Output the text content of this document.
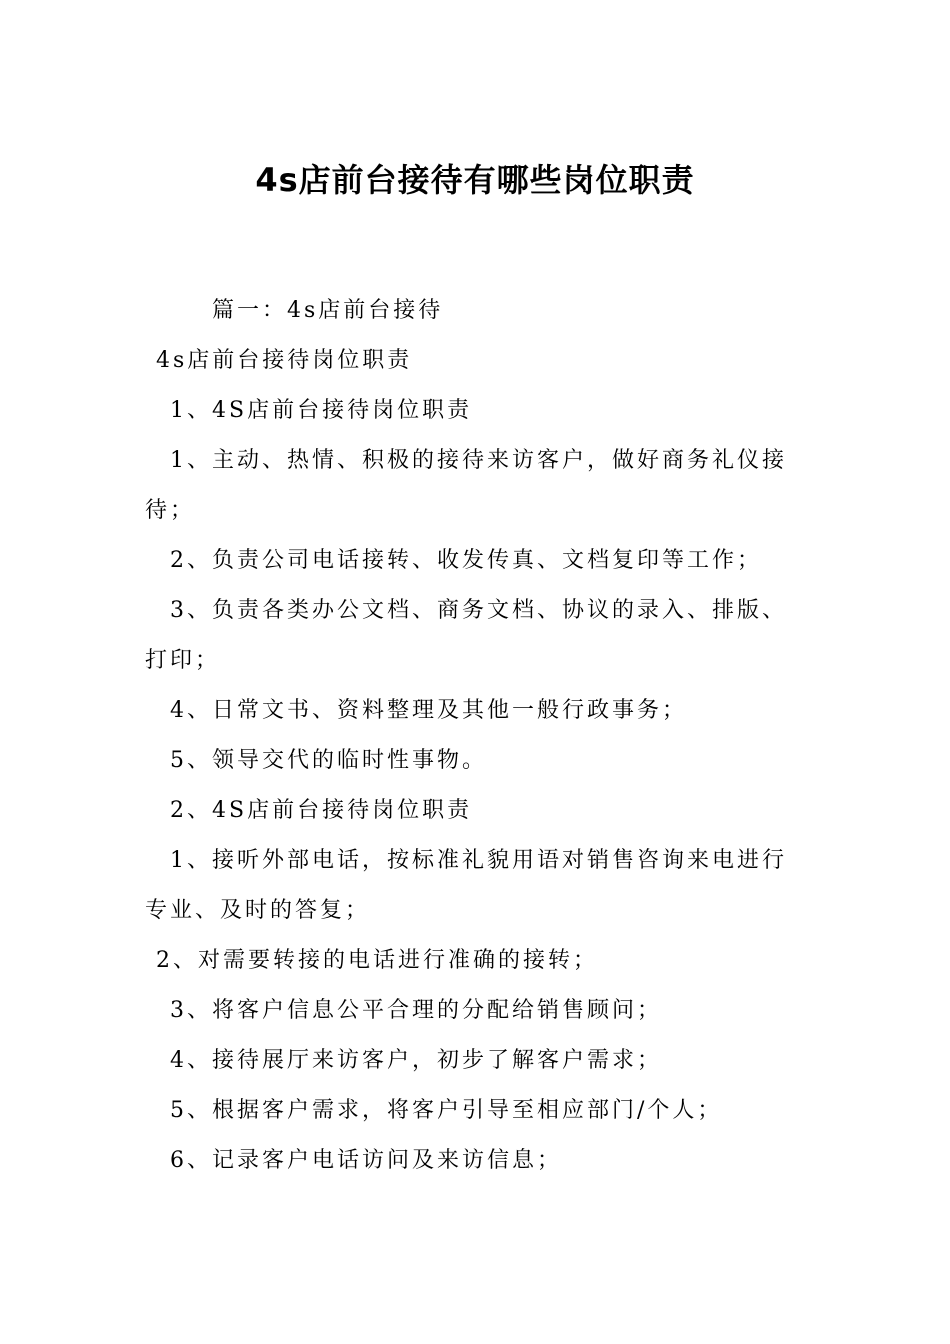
4s店前台接待有哪些岗位职责

篇一：4s店前台接待

4s店前台接待岗位职责

1、4S店前台接待岗位职责

1、主动、热情、积极的接待来访客户，做好商务礼仪接

待；

2、负责公司电话接转、收发传真、文档复印等工作；

3、负责各类办公文档、商务文档、协议的录入、排版、

打印；

4、日常文书、资料整理及其他一般行政事务；

5、领导交代的临时性事物。

2、4S店前台接待岗位职责

1、接听外部电话，按标准礼貌用语对销售咨询来电进行

专业、及时的答复；

2、对需要转接的电话进行准确的接转；

3、将客户信息公平合理的分配给销售顾问；

4、接待展厅来访客户，初步了解客户需求；

5、根据客户需求，将客户引导至相应部门/个人；

6、记录客户电话访问及来访信息；
